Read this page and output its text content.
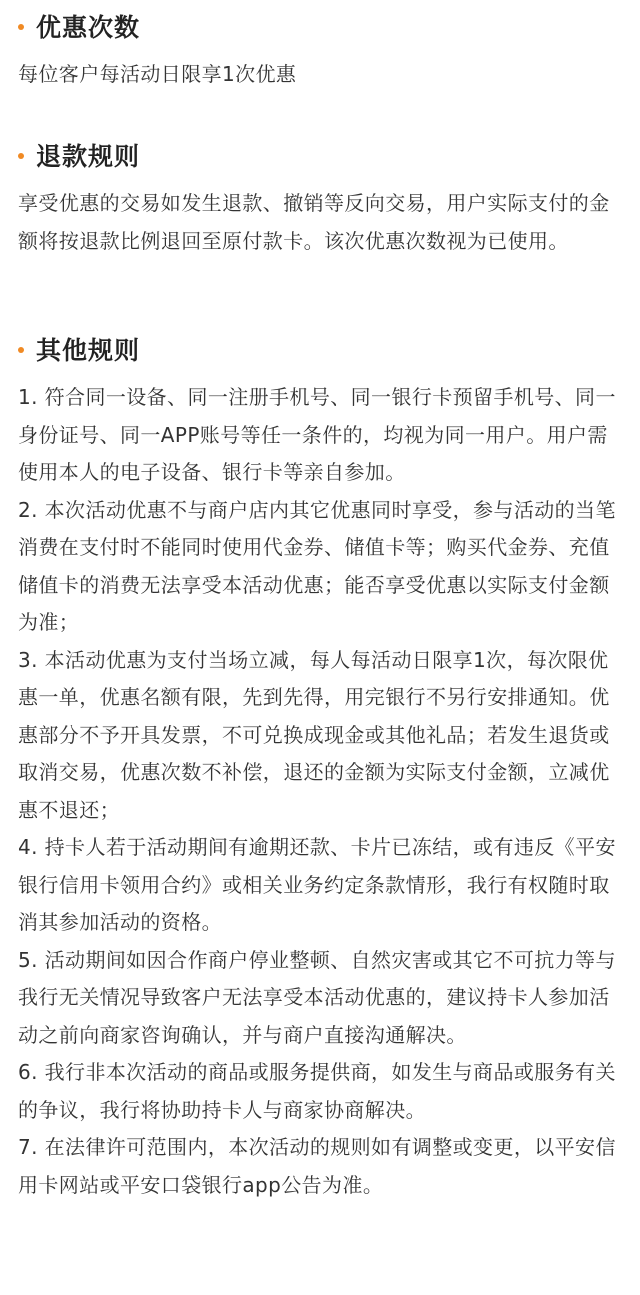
优惠次数

每位客户每活动日限享1次优惠

退款规则

享受优惠的交易如发生退款、撤销等反向交易，用户实际支付的金额将按退款比例退回至原付款卡。该次优惠次数视为已使用。

其他规则
1. 符合同一设备、同一注册手机号、同一银行卡预留手机号、同一身份证号、同一APP账号等任一条件的，均视为同一用户。用户需使用本人的电子设备、银行卡等亲自参加。
2. 本次活动优惠不与商户店内其它优惠同时享受，参与活动的当笔消费在支付时不能同时使用代金券、储值卡等；购买代金券、充值储值卡的消费无法享受本活动优惠；能否享受优惠以实际支付金额为准；
3. 本活动优惠为支付当场立减，每人每活动日限享1次，每次限优惠一单，优惠名额有限，先到先得，用完银行不另行安排通知。优惠部分不予开具发票，不可兑换成现金或其他礼品；若发生退货或取消交易，优惠次数不补偿，退还的金额为实际支付金额，立减优惠不退还；
4. 持卡人若于活动期间有逾期还款、卡片已冻结，或有违反《平安银行信用卡领用合约》或相关业务约定条款情形，我行有权随时取消其参加活动的资格。
5. 活动期间如因合作商户停业整顿、自然灾害或其它不可抗力等与我行无关情况导致客户无法享受本活动优惠的，建议持卡人参加活动之前向商家咨询确认，并与商户直接沟通解决。
6. 我行非本次活动的商品或服务提供商，如发生与商品或服务有关的争议，我行将协助持卡人与商家协商解决。
7. 在法律许可范围内，本次活动的规则如有调整或变更，以平安信用卡网站或平安口袋银行app公告为准。
